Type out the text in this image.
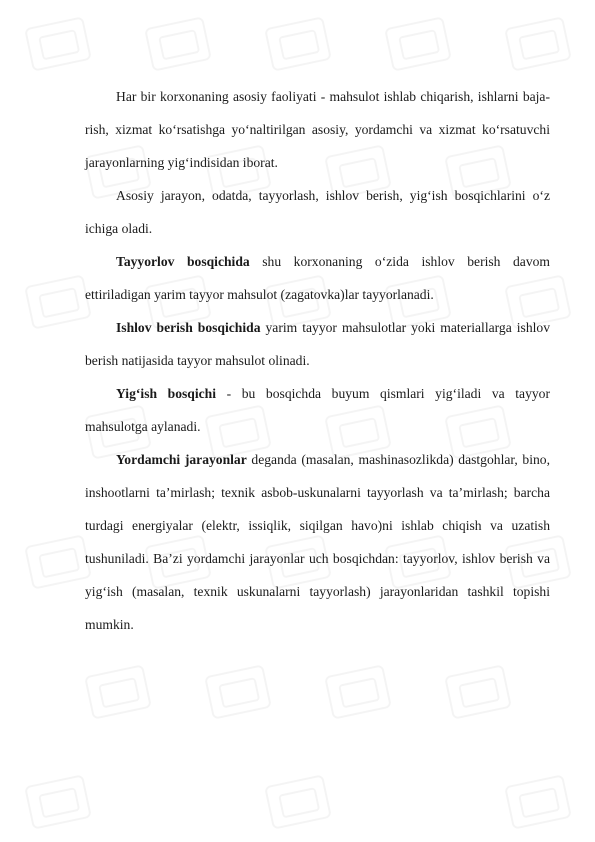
Har bir korxonaning asosiy faoliyati - mahsulot ishlab chiqarish, ishlarni baja-rish, xizmat ko‘rsatishga yo‘naltirilgan asosiy, yordamchi va xizmat ko‘rsatuvchi jarayonlarning yig‘indisidan iborat.

Asosiy jarayon, odatda, tayyorlash, ishlov berish, yig‘ish bosqichlarini o‘z ichiga oladi.

Tayyorlov bosqichida shu korxonaning o‘zida ishlov berish davom ettiriladigan yarim tayyor mahsulot (zagatovka)lar tayyorlanadi.

Ishlov berish bosqichida yarim tayyor mahsulotlar yoki materiallarga ishlov berish natijasida tayyor mahsulot olinadi.

Yig‘ish bosqichi - bu bosqichda buyum qismlari yig‘iladi va tayyor mahsulotga aylanadi.

Yordamchi jarayonlar deganda (masalan, mashinasozlikda) dastgohlar, bino, inshootlarni ta’mirlash; texnik asbob-uskunalarni tayyorlash va ta’mirlash; barcha turdagi energiyalar (elektr, issiqlik, siqilgan havo)ni ishlab chiqish va uzatish tushuniladi. Ba’zi yordamchi jarayonlar uch bosqichdan: tayyorlov, ishlov berish va yig‘ish (masalan, texnik uskunalarni tayyorlash) jarayonlaridan tashkil topishi mumkin.
